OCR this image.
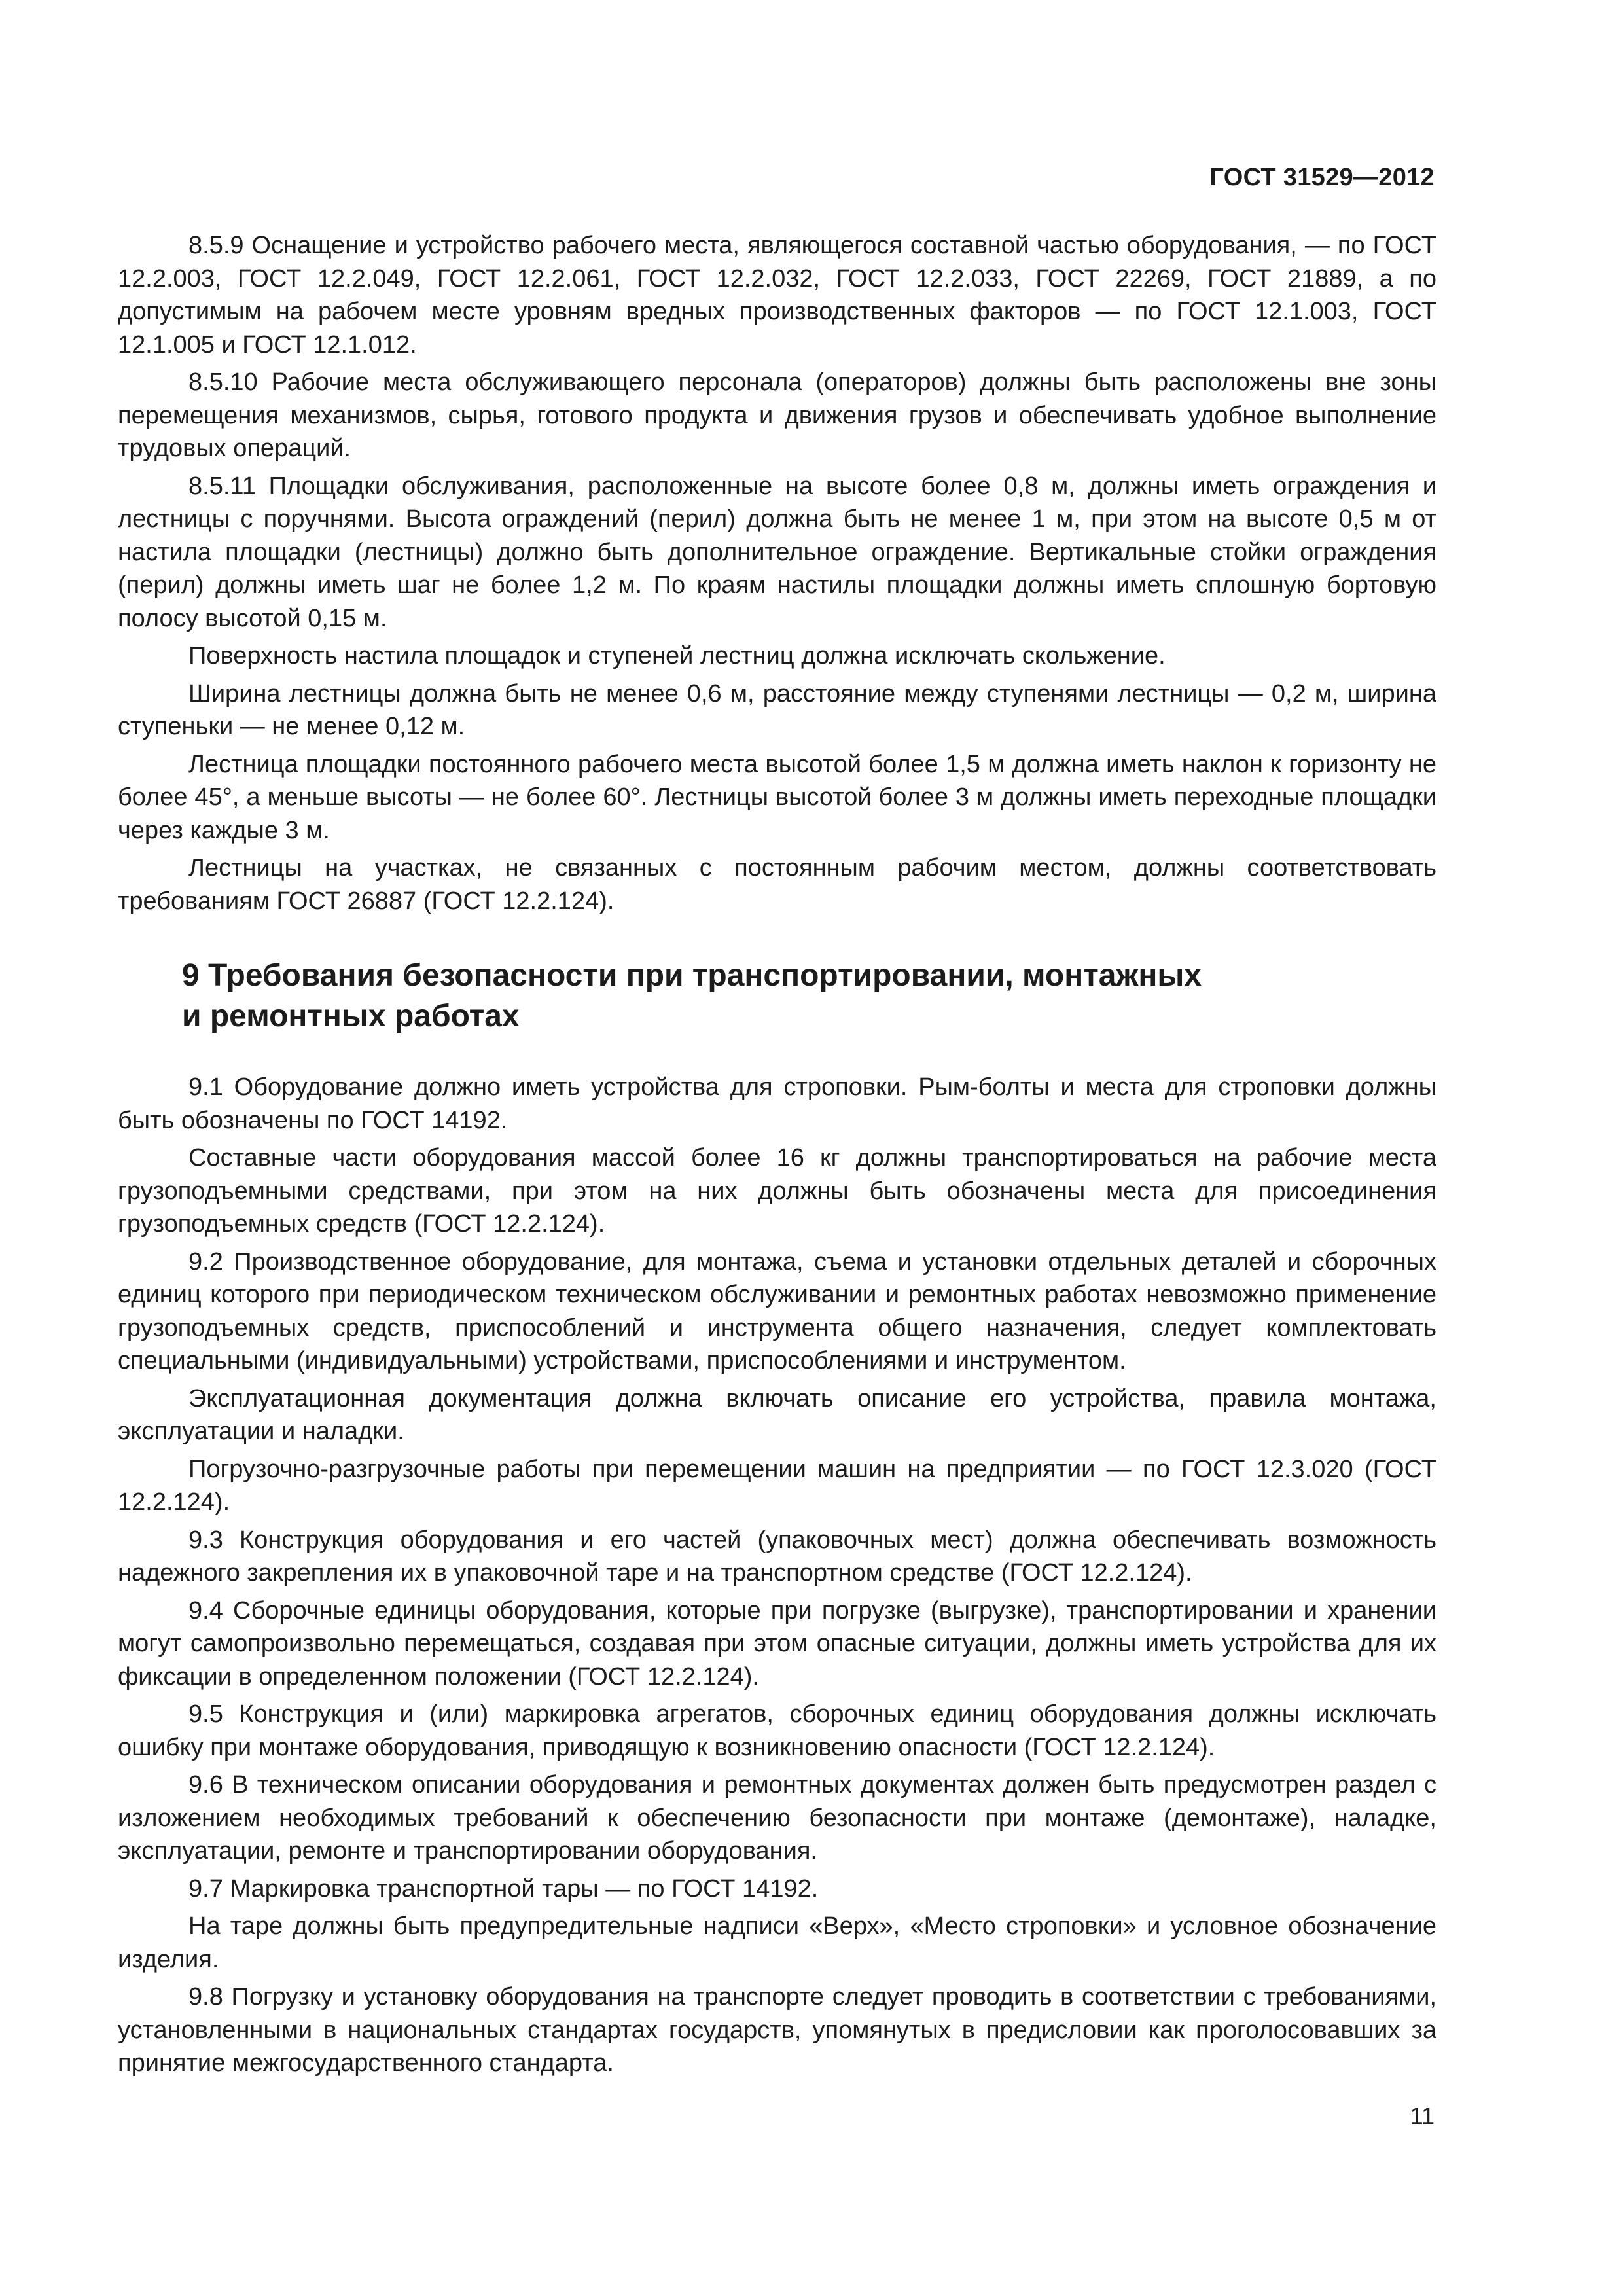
ГОСТ 31529—2012

8.5.9 Оснащение и устройство рабочего места, являющегося составной частью оборудования, — по ГОСТ 12.2.003, ГОСТ 12.2.049, ГОСТ 12.2.061, ГОСТ 12.2.032, ГОСТ 12.2.033, ГОСТ 22269, ГОСТ 21889, а по допустимым на рабочем месте уровням вредных производственных факторов — по ГОСТ 12.1.003, ГОСТ 12.1.005 и ГОСТ 12.1.012.

8.5.10 Рабочие места обслуживающего персонала (операторов) должны быть расположены вне зоны перемещения механизмов, сырья, готового продукта и движения грузов и обеспечивать удобное выполнение трудовых операций.

8.5.11 Площадки обслуживания, расположенные на высоте более 0,8 м, должны иметь ограждения и лестницы с поручнями. Высота ограждений (перил) должна быть не менее 1 м, при этом на высоте 0,5 м от настила площадки (лестницы) должно быть дополнительное ограждение. Вертикальные стойки ограждения (перил) должны иметь шаг не более 1,2 м. По краям настилы площадки должны иметь сплошную бортовую полосу высотой 0,15 м.

Поверхность настила площадок и ступеней лестниц должна исключать скольжение.

Ширина лестницы должна быть не менее 0,6 м, расстояние между ступенями лестницы — 0,2 м, ширина ступеньки — не менее 0,12 м.

Лестница площадки постоянного рабочего места высотой более 1,5 м должна иметь наклон к горизонту не более 45°, а меньше высоты — не более 60°. Лестницы высотой более 3 м должны иметь переходные площадки через каждые 3 м.

Лестницы на участках, не связанных с постоянным рабочим местом, должны соответствовать требованиям ГОСТ 26887 (ГОСТ 12.2.124).

9 Требования безопасности при транспортировании, монтажных
и ремонтных работах

9.1 Оборудование должно иметь устройства для строповки. Рым-болты и места для строповки должны быть обозначены по ГОСТ 14192.

Составные части оборудования массой более 16 кг должны транспортироваться на рабочие места грузоподъемными средствами, при этом на них должны быть обозначены места для присоединения грузоподъемных средств (ГОСТ 12.2.124).

9.2 Производственное оборудование, для монтажа, съема и установки отдельных деталей и сборочных единиц которого при периодическом техническом обслуживании и ремонтных работах невозможно применение грузоподъемных средств, приспособлений и инструмента общего назначения, следует комплектовать специальными (индивидуальными) устройствами, приспособлениями и инструментом.

Эксплуатационная документация должна включать описание его устройства, правила монтажа, эксплуатации и наладки.

Погрузочно-разгрузочные работы при перемещении машин на предприятии — по ГОСТ 12.3.020 (ГОСТ 12.2.124).

9.3 Конструкция оборудования и его частей (упаковочных мест) должна обеспечивать возможность надежного закрепления их в упаковочной таре и на транспортном средстве (ГОСТ 12.2.124).

9.4 Сборочные единицы оборудования, которые при погрузке (выгрузке), транспортировании и хранении могут самопроизвольно перемещаться, создавая при этом опасные ситуации, должны иметь устройства для их фиксации в определенном положении (ГОСТ 12.2.124).

9.5 Конструкция и (или) маркировка агрегатов, сборочных единиц оборудования должны исключать ошибку при монтаже оборудования, приводящую к возникновению опасности (ГОСТ 12.2.124).

9.6 В техническом описании оборудования и ремонтных документах должен быть предусмотрен раздел с изложением необходимых требований к обеспечению безопасности при монтаже (демонтаже), наладке, эксплуатации, ремонте и транспортировании оборудования.

9.7 Маркировка транспортной тары — по ГОСТ 14192.

На таре должны быть предупредительные надписи «Верх», «Место строповки» и условное обозначение изделия.

9.8 Погрузку и установку оборудования на транспорте следует проводить в соответствии с требованиями, установленными в национальных стандартах государств, упомянутых в предисловии как проголосовавших за принятие межгосударственного стандарта.

11
